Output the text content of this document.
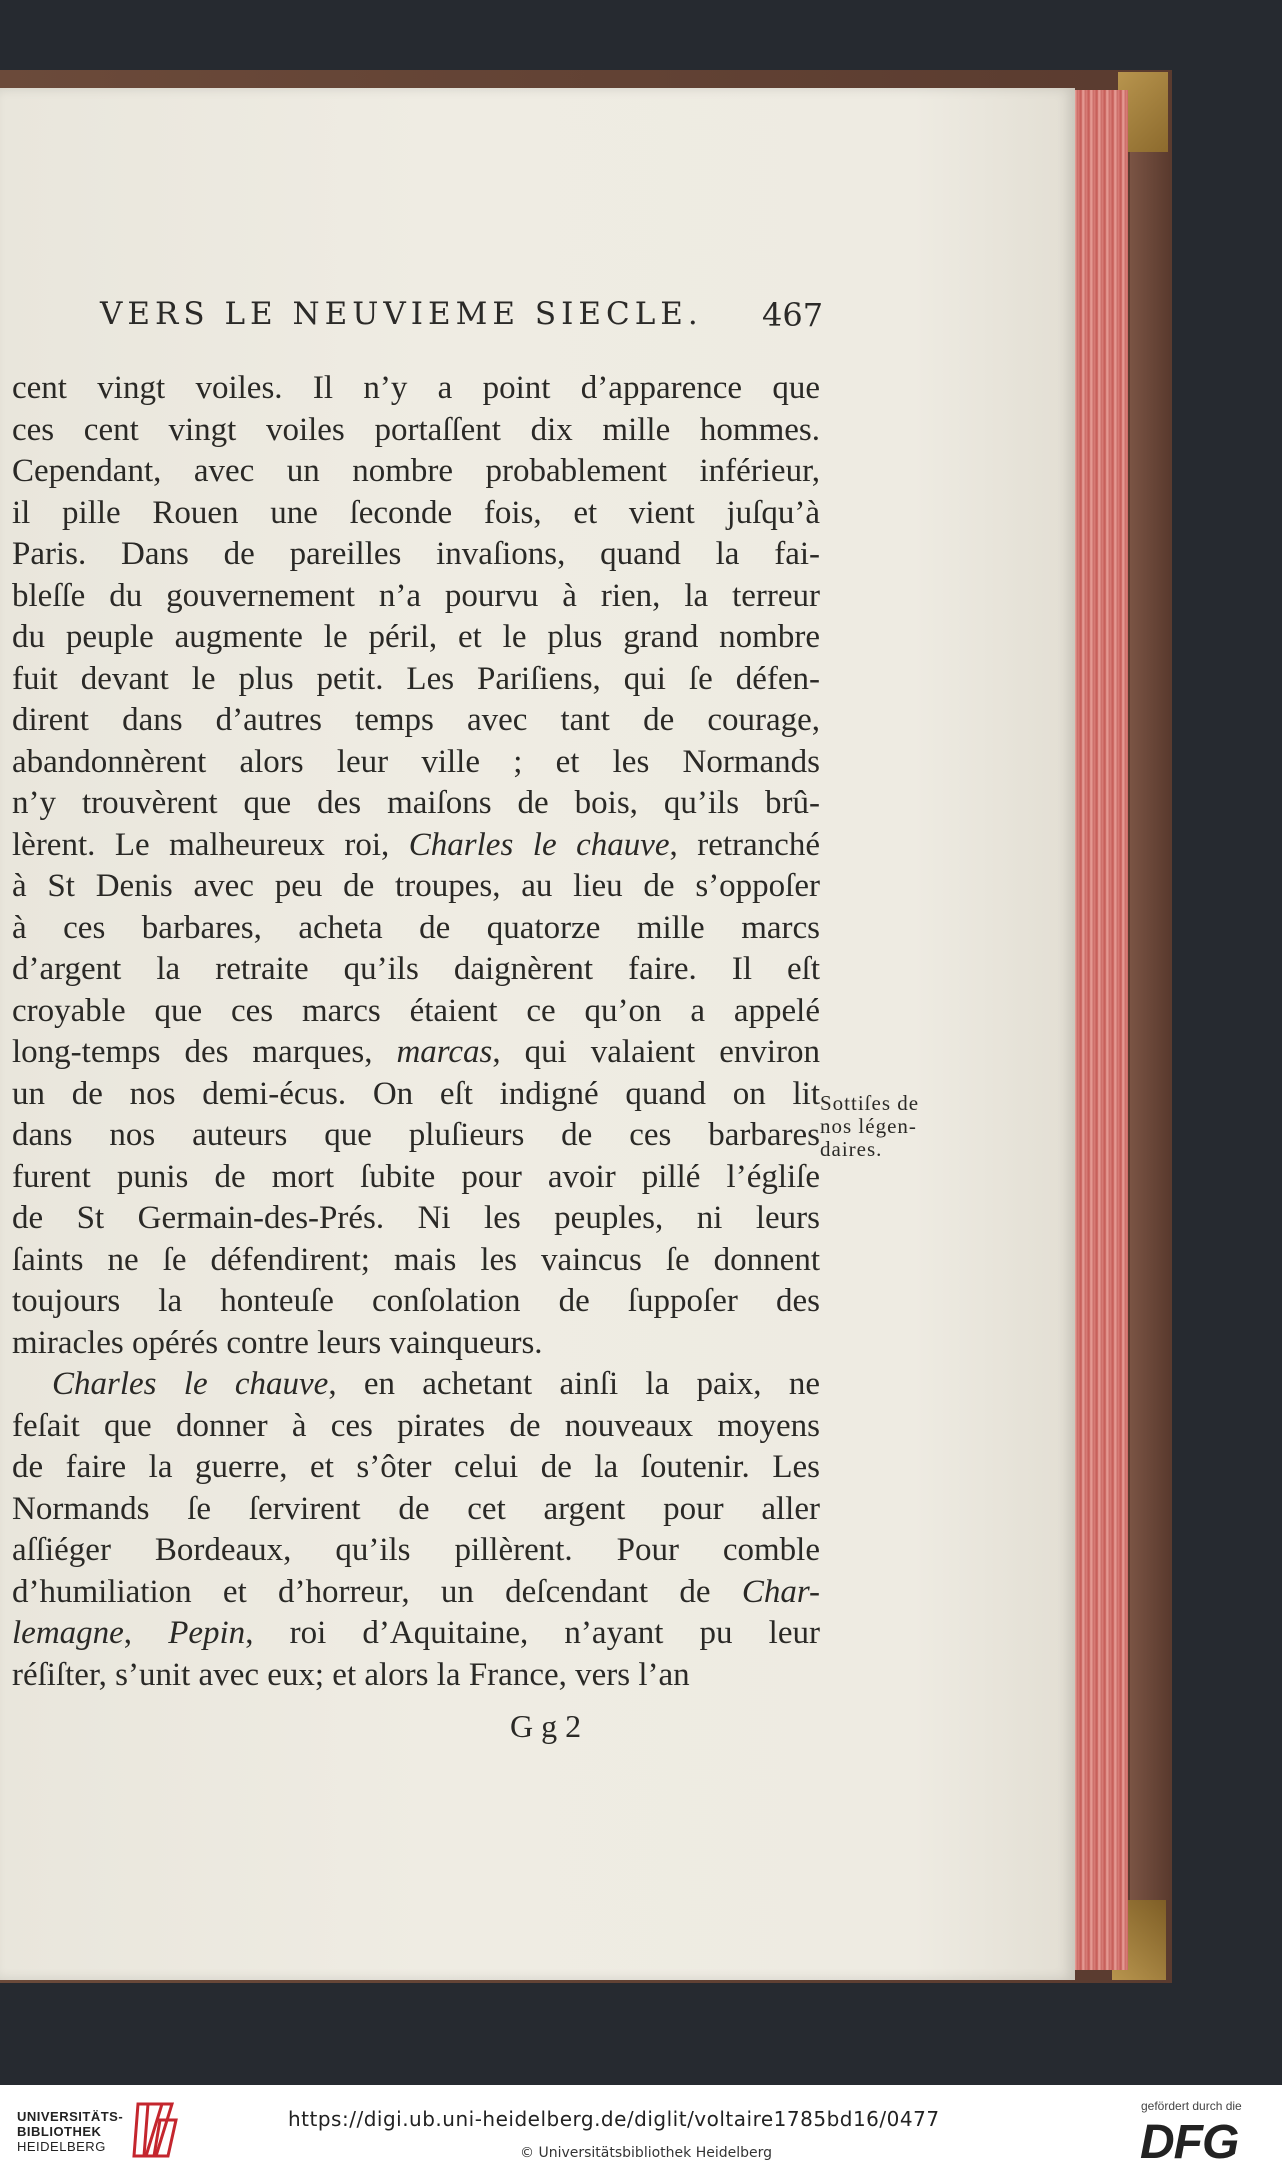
VERS LE NEUVIEME SIECLE.	467
cent vingt voiles. Il n’y a point d’apparence que
ces cent vingt voiles portaſſent dix mille hommes.
Cependant, avec un nombre probablement inférieur,
il pille Rouen une ſeconde fois, et vient juſqu’à
Paris. Dans de pareilles invaſions, quand la fai-
bleſſe du gouvernement n’a pourvu à rien, la terreur
du peuple augmente le péril, et le plus grand nombre
fuit devant le plus petit. Les Pariſiens, qui ſe défen-
dirent dans d’autres temps avec tant de courage,
abandonnèrent alors leur ville ; et les Normands
n’y trouvèrent que des maiſons de bois, qu’ils brû-
lèrent. Le malheureux roi, Charles le chauve, retranché
à St Denis avec peu de troupes, au lieu de s’oppoſer
à ces barbares, acheta de quatorze mille marcs
d’argent la retraite qu’ils daignèrent faire. Il eſt
croyable que ces marcs étaient ce qu’on a appelé
long-temps des marques, marcas, qui valaient environ
un de nos demi-écus. On eſt indigné quand on lit
dans nos auteurs que pluſieurs de ces barbares
furent punis de mort ſubite pour avoir pillé l’égliſe
de St Germain-des-Prés. Ni les peuples, ni leurs
ſaints ne ſe défendirent; mais les vaincus ſe donnent
toujours la honteuſe conſolation de ſuppoſer des
miracles opérés contre leurs vainqueurs.
Charles le chauve, en achetant ainſi la paix, ne
feſait que donner à ces pirates de nouveaux moyens
de faire la guerre, et s’ôter celui de la ſoutenir. Les
Normands ſe ſervirent de cet argent pour aller
aſſiéger Bordeaux, qu’ils pillèrent. Pour comble
d’humiliation et d’horreur, un deſcendant de Char-
lemagne, Pepin, roi d’Aquitaine, n’ayant pu leur
réſiſter, s’unit avec eux; et alors la France, vers l’an
Sottiſes de
nos légen-
daires.
Gg2
UNIVERSITÄTS-
BIBLIOTHEK
HEIDELBERG
https://digi.ub.uni-heidelberg.de/diglit/voltaire1785bd16/0477
© Universitätsbibliothek Heidelberg
gefördert durch die
DFG
